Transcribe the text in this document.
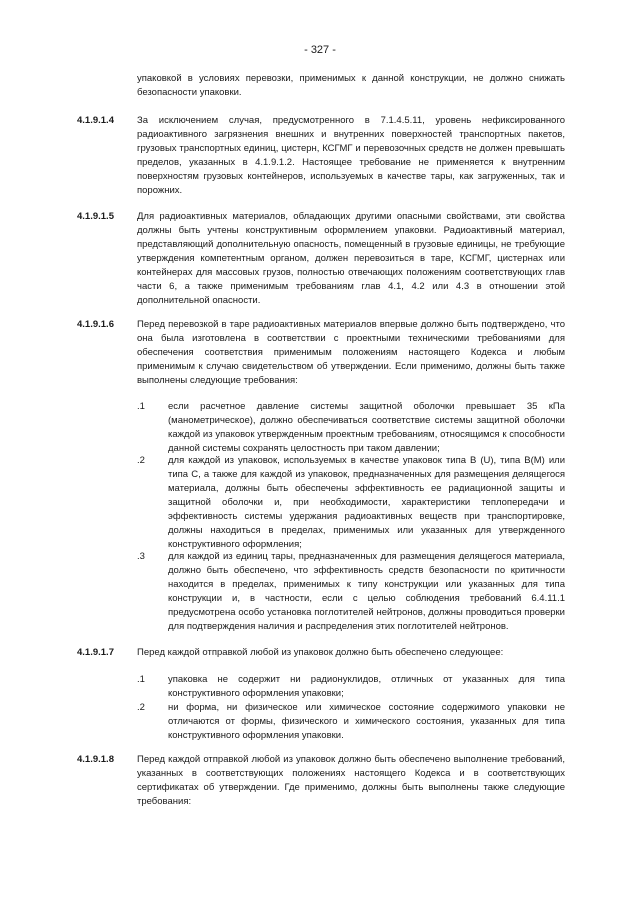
- 327 -

упаковкой в условиях перевозки, применимых к данной конструкции, не должно снижать безопасности упаковки.

4.1.9.1.4 За исключением случая, предусмотренного в 7.1.4.5.11, уровень нефиксированного радиоактивного загрязнения внешних и внутренних поверхностей транспортных пакетов, грузовых транспортных единиц, цистерн, КСГМГ и перевозочных средств не должен превышать пределов, указанных в 4.1.9.1.2. Настоящее требование не применяется к внутренним поверхностям грузовых контейнеров, используемых в качестве тары, как загруженных, так и порожних.

4.1.9.1.5 Для радиоактивных материалов, обладающих другими опасными свойствами, эти свойства должны быть учтены конструктивным оформлением упаковки. Радиоактивный материал, представляющий дополнительную опасность, помещенный в грузовые единицы, не требующие утверждения компетентным органом, должен перевозиться в таре, КСГМГ, цистернах или контейнерах для массовых грузов, полностью отвечающих положениям соответствующих глав части 6, а также применимым требованиям глав 4.1, 4.2 или 4.3 в отношении этой дополнительной опасности.

4.1.9.1.6 Перед перевозкой в таре радиоактивных материалов впервые должно быть подтверждено, что она была изготовлена в соответствии с проектными техническими требованиями для обеспечения соответствия применимым положениям настоящего Кодекса и любым применимым к случаю свидетельством об утверждении. Если применимо, должны быть также выполнены следующие требования:

.1 если расчетное давление системы защитной оболочки превышает 35 кПа (манометрическое), должно обеспечиваться соответствие системы защитной оболочки каждой из упаковок утвержденным проектным требованиям, относящимся к способности данной системы сохранять целостность при таком давлении;

.2 для каждой из упаковок, используемых в качестве упаковок типа B (U), типа B(M) или типа C, а также для каждой из упаковок, предназначенных для размещения делящегося материала, должны быть обеспечены эффективность ее радиационной защиты и защитной оболочки и, при необходимости, характеристики теплопередачи и эффективность системы удержания радиоактивных веществ при транспортировке, должны находиться в пределах, применимых или указанных для утвержденного конструктивного оформления;

.3 для каждой из единиц тары, предназначенных для размещения делящегося материала, должно быть обеспечено, что эффективность средств безопасности по критичности находится в пределах, применимых к типу конструкции или указанных для типа конструкции и, в частности, если с целью соблюдения требований 6.4.11.1 предусмотрена особо установка поглотителей нейтронов, должны проводиться проверки для подтверждения наличия и распределения этих поглотителей нейтронов.

4.1.9.1.7 Перед каждой отправкой любой из упаковок должно быть обеспечено следующее:

.1 упаковка не содержит ни радионуклидов, отличных от указанных для типа конструктивного оформления упаковки;

.2 ни форма, ни физическое или химическое состояние содержимого упаковки не отличаются от формы, физического и химического состояния, указанных для типа конструктивного оформления упаковки.

4.1.9.1.8 Перед каждой отправкой любой из упаковок должно быть обеспечено выполнение требований, указанных в соответствующих положениях настоящего Кодекса и в соответствующих сертификатах об утверждении. Где применимо, должны быть выполнены также следующие требования:
